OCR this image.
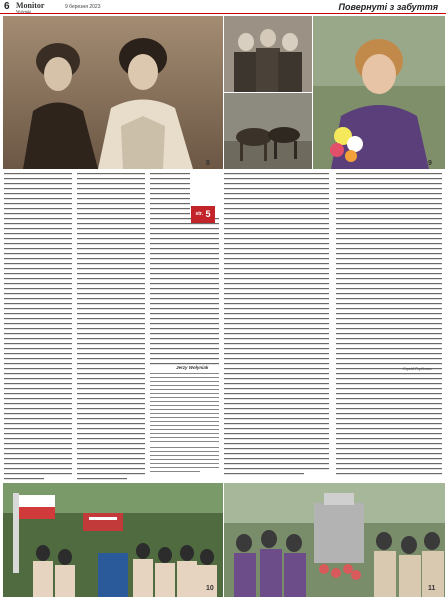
6 Monitor
Wołyński
9 березня 2023	Повернуті з забуття
8	9
$^{str.}$ 5
Jerzy Wołyniak	Сергій Гордієнко
10	11
